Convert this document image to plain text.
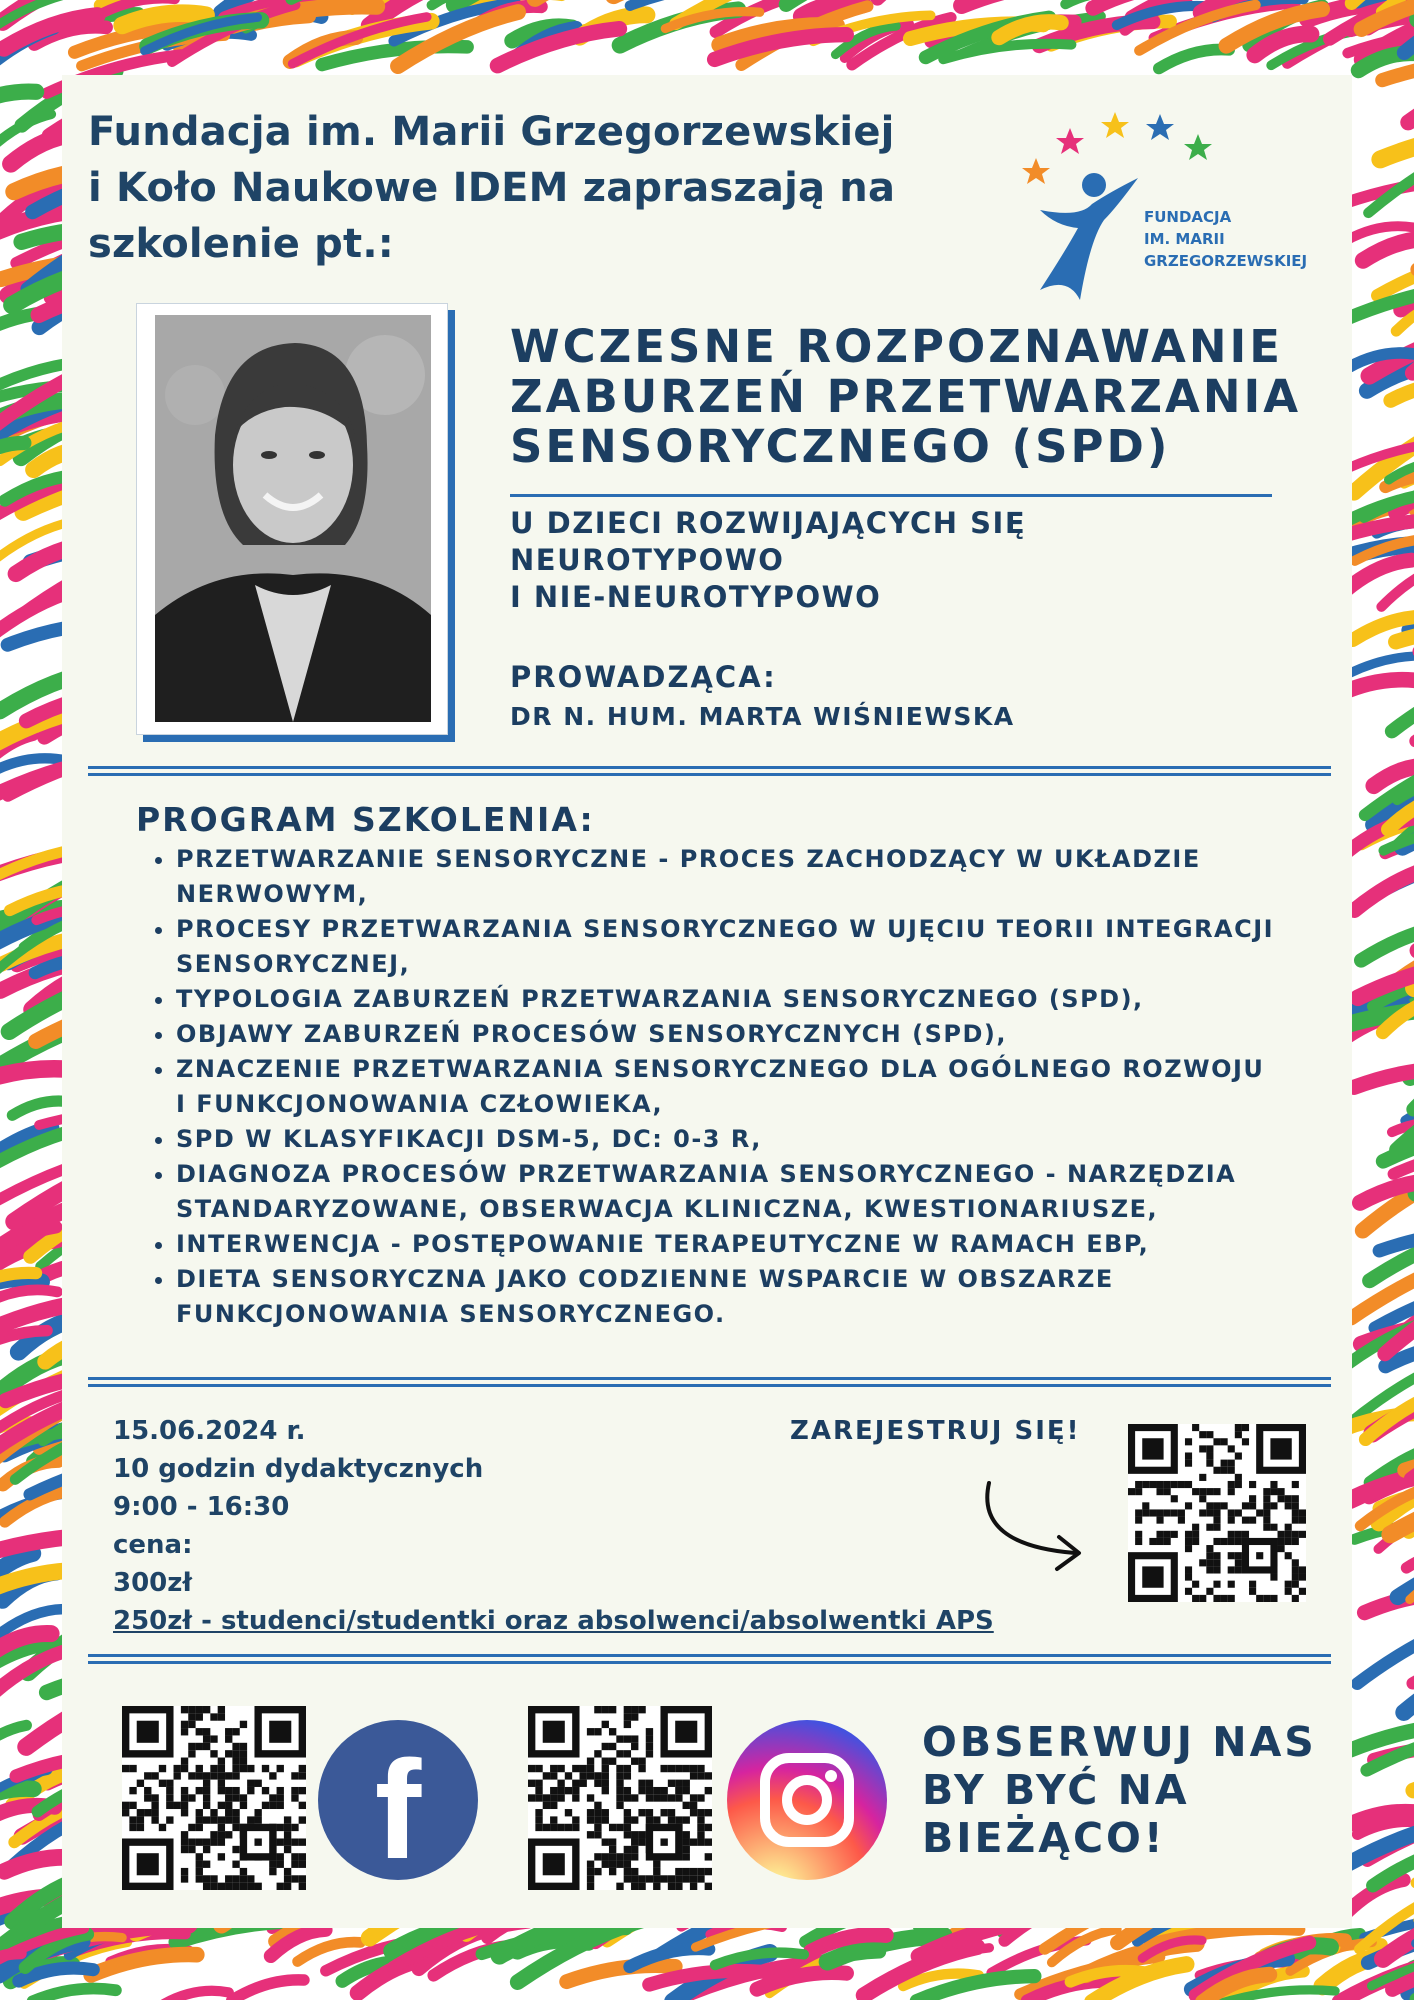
Fundacja im. Marii Grzegorzewskiej
i Koło Naukowe IDEM zapraszają na
szkolenie pt.:
FUNDACJA
IM. MARII
GRZEGORZEWSKIEJ
WCZESNE ROZPOZNAWANIE
ZABURZEŃ PRZETWARZANIA
SENSORYCZNEGO (SPD)
U DZIECI ROZWIJAJĄCYCH SIĘ
NEUROTYPOWO
I NIE-NEUROTYPOWO
PROWADZĄCA:
DR N. HUM. MARTA WIŚNIEWSKA
PROGRAM SZKOLENIA:
• PRZETWARZANIE SENSORYCZNE - PROCES ZACHODZĄCY W UKŁADZIE
NERWOWYM,
• PROCESY PRZETWARZANIA SENSORYCZNEGO W UJĘCIU TEORII INTEGRACJI
SENSORYCZNEJ,
• TYPOLOGIA ZABURZEŃ PRZETWARZANIA SENSORYCZNEGO (SPD),
• OBJAWY ZABURZEŃ PROCESÓW SENSORYCZNYCH (SPD),
• ZNACZENIE PRZETWARZANIA SENSORYCZNEGO DLA OGÓLNEGO ROZWOJU
I FUNKCJONOWANIA CZŁOWIEKA,
• SPD W KLASYFIKACJI DSM-5, DC: 0-3 R,
• DIAGNOZA PROCESÓW PRZETWARZANIA SENSORYCZNEGO - NARZĘDZIA
STANDARYZOWANE, OBSERWACJA KLINICZNA, KWESTIONARIUSZE,
• INTERWENCJA - POSTĘPOWANIE TERAPEUTYCZNE W RAMACH EBP,
• DIETA SENSORYCZNA JAKO CODZIENNE WSPARCIE W OBSZARZE
FUNKCJONOWANIA SENSORYCZNEGO.
15.06.2024 r.
10 godzin dydaktycznych
9:00 - 16:30
cena:
300zł
250zł - studenci/studentki oraz absolwenci/absolwentki APS
ZAREJESTRUJ SIĘ!
f	OBSERWUJ NAS
BY BYĆ NA
BIEŻĄCO!
